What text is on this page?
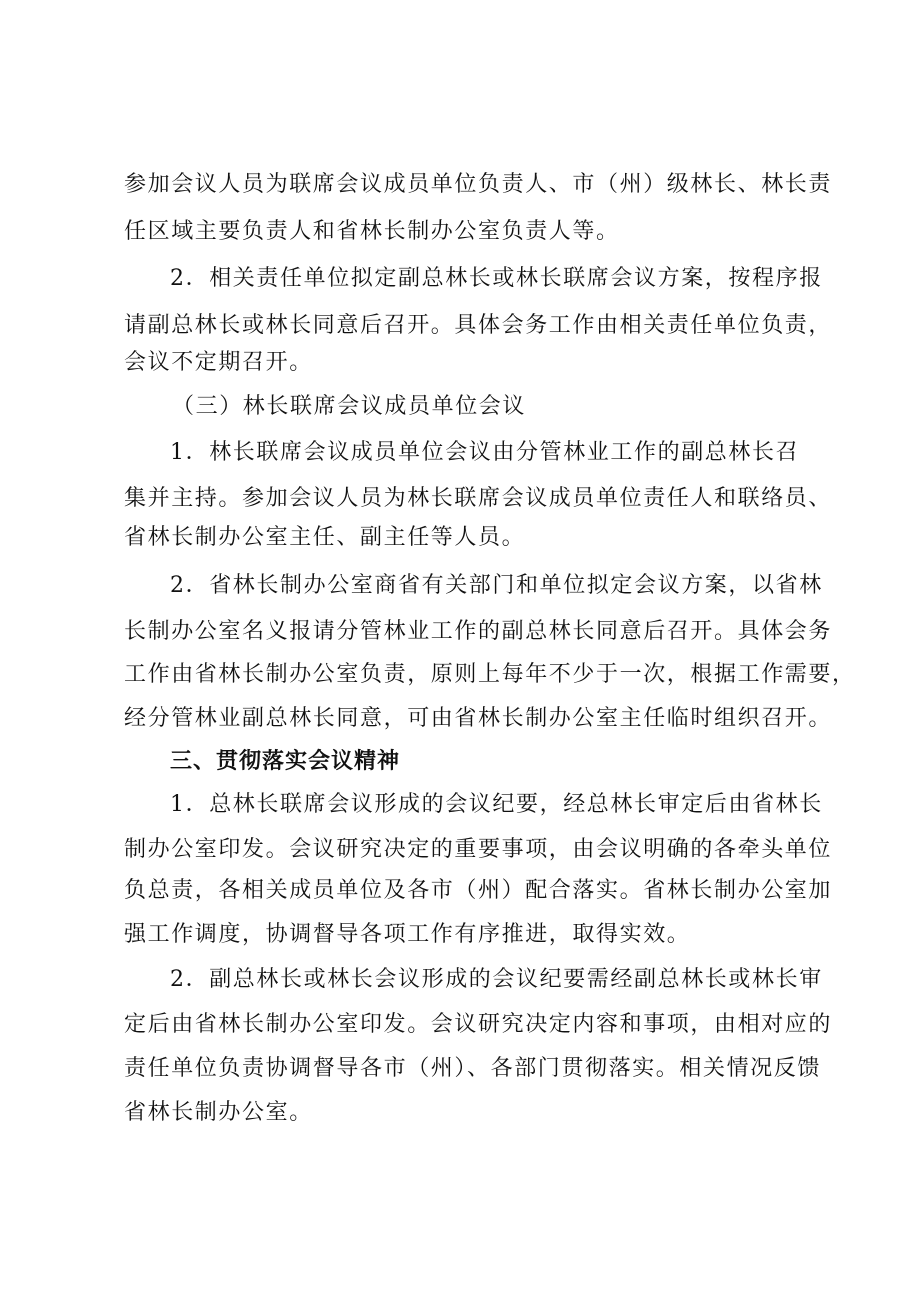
参加会议人员为联席会议成员单位负责人、市（州）级林长、林长责
任区域主要负责人和省林长制办公室负责人等。
2．相关责任单位拟定副总林长或林长联席会议方案，按程序报
请副总林长或林长同意后召开。具体会务工作由相关责任单位负责，
会议不定期召开。
（三）林长联席会议成员单位会议
1．林长联席会议成员单位会议由分管林业工作的副总林长召
集并主持。参加会议人员为林长联席会议成员单位责任人和联络员、
省林长制办公室主任、副主任等人员。
2．省林长制办公室商省有关部门和单位拟定会议方案，以省林
长制办公室名义报请分管林业工作的副总林长同意后召开。具体会务
工作由省林长制办公室负责，原则上每年不少于一次，根据工作需要，
经分管林业副总林长同意，可由省林长制办公室主任临时组织召开。
三、贯彻落实会议精神
1．总林长联席会议形成的会议纪要，经总林长审定后由省林长
制办公室印发。会议研究决定的重要事项，由会议明确的各牵头单位
负总责，各相关成员单位及各市（州）配合落实。省林长制办公室加
强工作调度，协调督导各项工作有序推进，取得实效。
2．副总林长或林长会议形成的会议纪要需经副总林长或林长审
定后由省林长制办公室印发。会议研究决定内容和事项，由相对应的
责任单位负责协调督导各市（州）、各部门贯彻落实。相关情况反馈
省林长制办公室。
